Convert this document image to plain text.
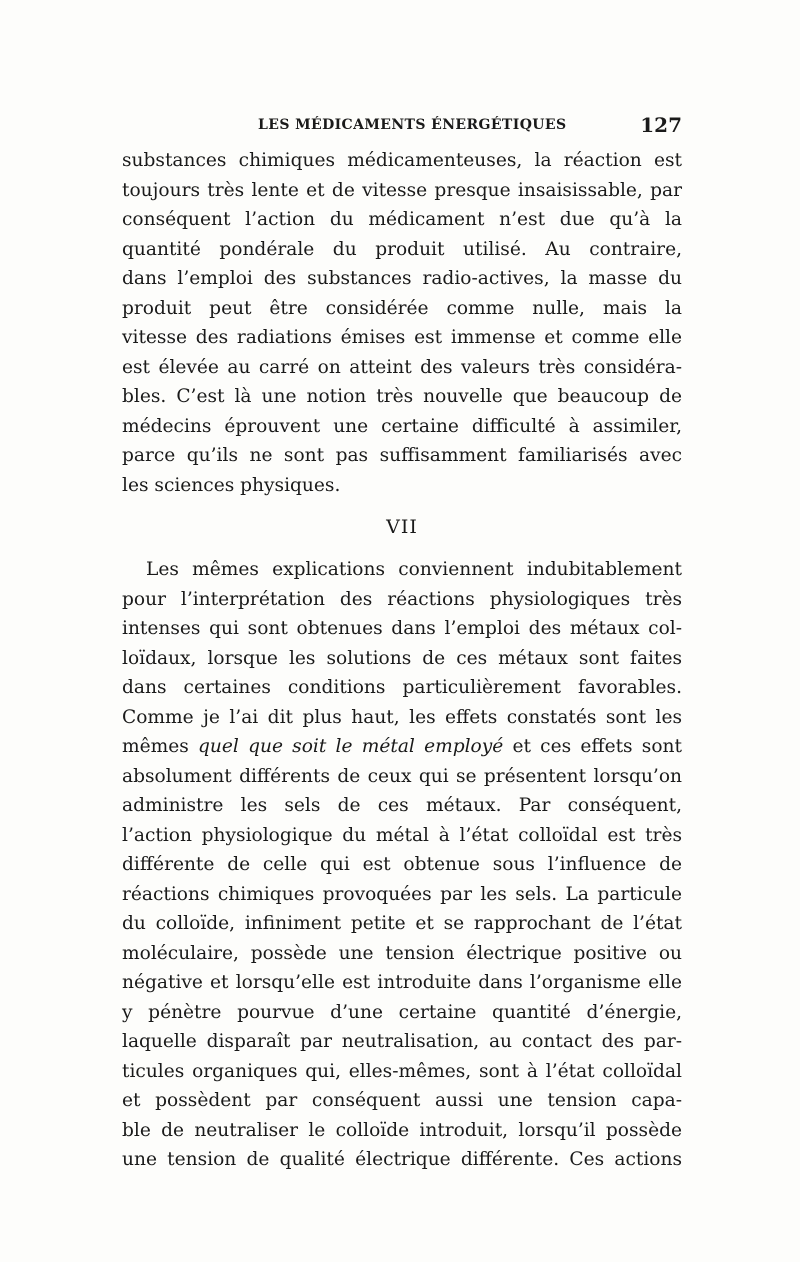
LES MÉDICAMENTS ÉNERGÉTIQUES	127
substances chimiques médicamenteuses, la réaction est
toujours très lente et de vitesse presque insaisissable, par
conséquent l’action du médicament n’est due qu’à la
quantité pondérale du produit utilisé. Au contraire,
dans l’emploi des substances radio-actives, la masse du
produit peut être considérée comme nulle, mais la
vitesse des radiations émises est immense et comme elle
est élevée au carré on atteint des valeurs très considéra-
bles. C’est là une notion très nouvelle que beaucoup de
médecins éprouvent une certaine difficulté à assimiler,
parce qu’ils ne sont pas suffisamment familiarisés avec
les sciences physiques.
VII
Les mêmes explications conviennent indubitablement
pour l’interprétation des réactions physiologiques très
intenses qui sont obtenues dans l’emploi des métaux col-
loïdaux, lorsque les solutions de ces métaux sont faites
dans certaines conditions particulièrement favorables.
Comme je l’ai dit plus haut, les effets constatés sont les
mêmes quel que soit le métal employé et ces effets sont
absolument différents de ceux qui se présentent lorsqu’on
administre les sels de ces métaux. Par conséquent,
l’action physiologique du métal à l’état colloïdal est très
différente de celle qui est obtenue sous l’influence de
réactions chimiques provoquées par les sels. La particule
du colloïde, infiniment petite et se rapprochant de l’état
moléculaire, possède une tension électrique positive ou
négative et lorsqu’elle est introduite dans l’organisme elle
y pénètre pourvue d’une certaine quantité d’énergie,
laquelle disparaît par neutralisation, au contact des par-
ticules organiques qui, elles-mêmes, sont à l’état colloïdal
et possèdent par conséquent aussi une tension capa-
ble de neutraliser le colloïde introduit, lorsqu’il possède
une tension de qualité électrique différente. Ces actions
